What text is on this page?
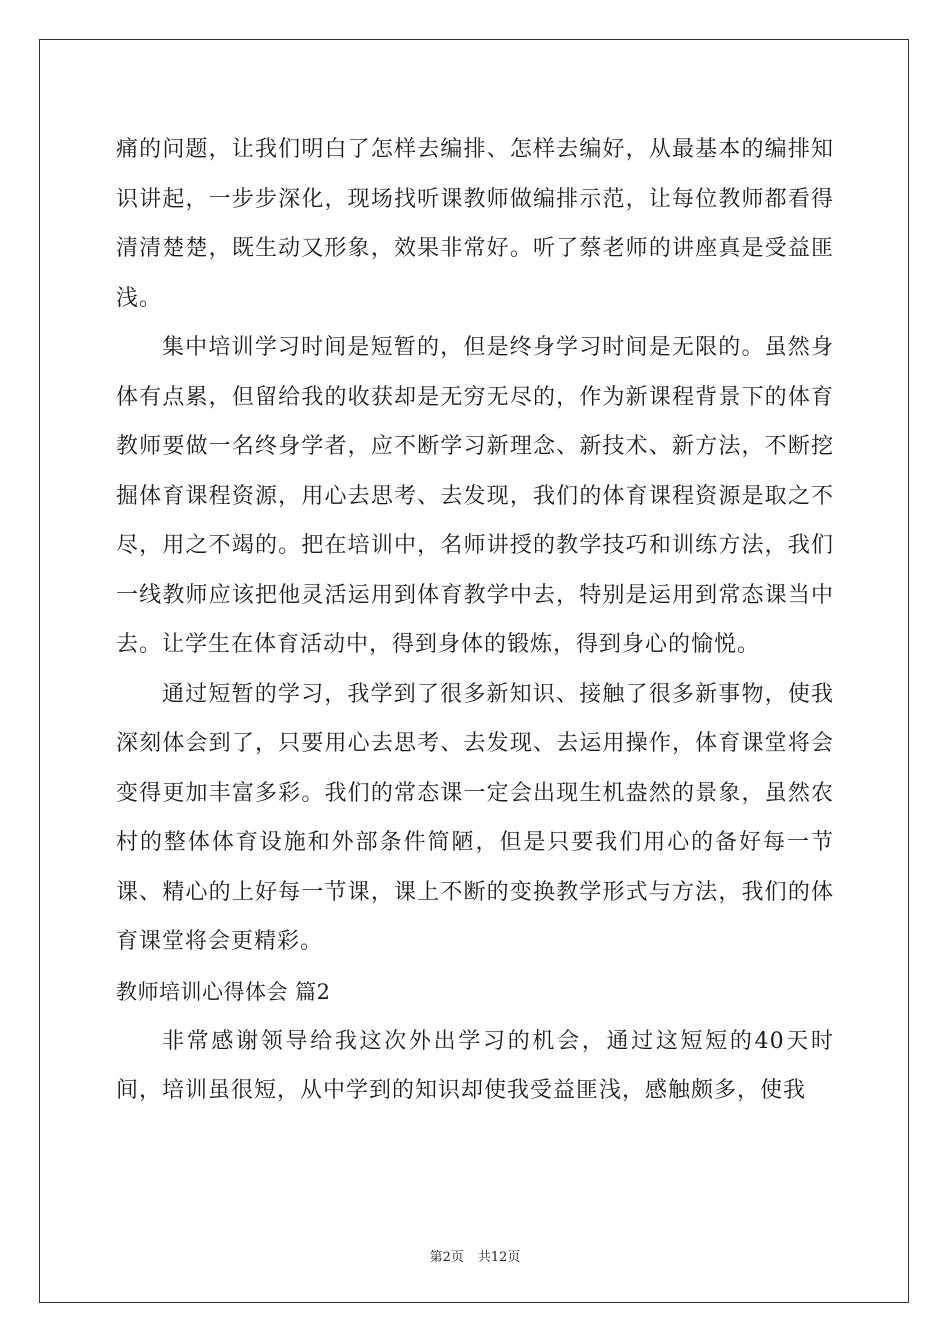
痛的问题，让我们明白了怎样去编排、怎样去编好，从最基本的编排知识讲起，一步步深化，现场找听课教师做编排示范，让每位教师都看得清清楚楚，既生动又形象，效果非常好。听了蔡老师的讲座真是受益匪浅。

集中培训学习时间是短暂的，但是终身学习时间是无限的。虽然身体有点累，但留给我的收获却是无穷无尽的，作为新课程背景下的体育教师要做一名终身学者，应不断学习新理念、新技术、新方法，不断挖掘体育课程资源，用心去思考、去发现，我们的体育课程资源是取之不尽，用之不竭的。把在培训中，名师讲授的教学技巧和训练方法，我们一线教师应该把他灵活运用到体育教学中去，特别是运用到常态课当中去。让学生在体育活动中，得到身体的锻炼，得到身心的愉悦。

通过短暂的学习，我学到了很多新知识、接触了很多新事物，使我深刻体会到了，只要用心去思考、去发现、去运用操作，体育课堂将会变得更加丰富多彩。我们的常态课一定会出现生机盎然的景象，虽然农村的整体体育设施和外部条件简陋，但是只要我们用心的备好每一节课、精心的上好每一节课，课上不断的变换教学形式与方法，我们的体育课堂将会更精彩。

教师培训心得体会 篇2

非常感谢领导给我这次外出学习的机会，通过这短短的40天时间，培训虽很短，从中学到的知识却使我受益匪浅，感触颇多，使我

第2页 共12页
